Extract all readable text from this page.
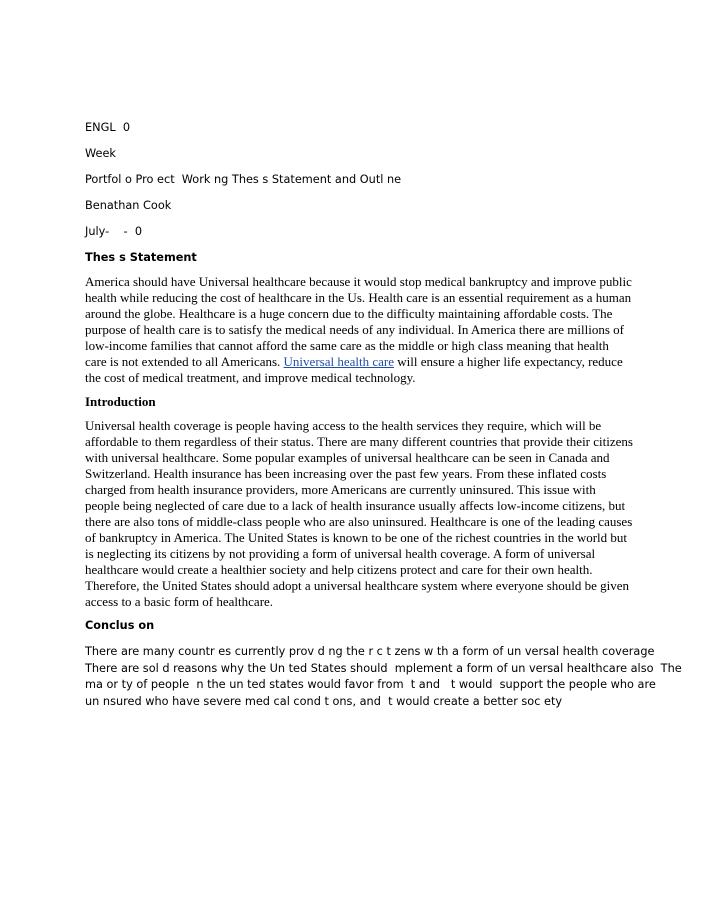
ENGL  0
Week
Portfol o Pro ect  Work ng Thes s Statement and Outl ne
Benathan Cook
July-    -  0
Thes s Statement

America should have Universal healthcare because it would stop medical bankruptcy and improve public health while reducing the cost of healthcare in the Us. Health care is an essential requirement as a human around the globe. Healthcare is a huge concern due to the difficulty maintaining affordable costs. The purpose of health care is to satisfy the medical needs of any individual. In America there are millions of low-income families that cannot afford the same care as the middle or high class meaning that health care is not extended to all Americans. Universal health care will ensure a higher life expectancy, reduce the cost of medical treatment, and improve medical technology.

Introduction

Universal health coverage is people having access to the health services they require, which will be affordable to them regardless of their status. There are many different countries that provide their citizens with universal healthcare. Some popular examples of universal healthcare can be seen in Canada and Switzerland. Health insurance has been increasing over the past few years. From these inflated costs charged from health insurance providers, more Americans are currently uninsured. This issue with people being neglected of care due to a lack of health insurance usually affects low-income citizens, but there are also tons of middle-class people who are also uninsured. Healthcare is one of the leading causes of bankruptcy in America. The United States is known to be one of the richest countries in the world but is neglecting its citizens by not providing a form of universal health coverage. A form of universal healthcare would create a healthier society and help citizens protect and care for their own health. Therefore, the United States should adopt a universal healthcare system where everyone should be given access to a basic form of healthcare.

Conclus on
There are many countr es currently prov d ng the r c t zens w th a form of un versal health coverage
There are sol d reasons why the Un ted States should  mplement a form of un versal healthcare also  The
ma or ty of people  n the un ted states would favor from  t and   t would  support the people who are
un nsured who have severe med cal cond t ons, and  t would create a better soc ety
